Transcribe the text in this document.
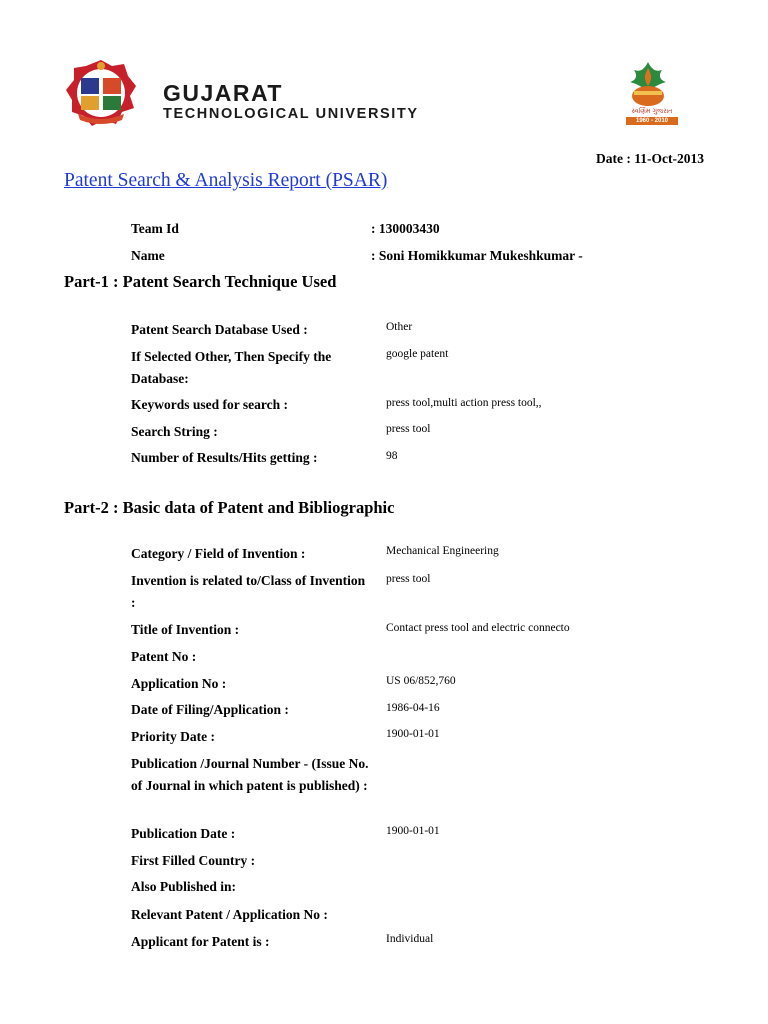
GUJARAT
TECHNOLOGICAL UNIVERSITY	સ્વર્ણિમ ગુજરાત
1960 - 2010
Date : 11-Oct-2013
Patent Search & Analysis Report (PSAR)
Team Id	: 130003430
Name	: Soni Homikkumar Mukeshkumar -
Part-1 : Patent Search Technique Used
Patent Search Database Used :	Other
If Selected Other, Then Specify the Database:
google patent
Keywords used for search :	press tool,multi action press tool,,
Search String :	press tool
Number of Results/Hits getting :	98
Part-2 : Basic data of Patent and Bibliographic
Category / Field of Invention :	Mechanical Engineering
Invention is related to/Class of Invention :
press tool
Title of Invention :	Contact press tool and electric connecto
Patent No :
Application No :	US 06/852,760
Date of Filing/Application :	1986-04-16
Priority Date :	1900-01-01
Publication /Journal Number - (Issue No. of Journal in which patent is published) :
Publication Date :	1900-01-01
First Filled Country :
Also Published in:
Relevant Patent / Application No :
Applicant for Patent is :	Individual
